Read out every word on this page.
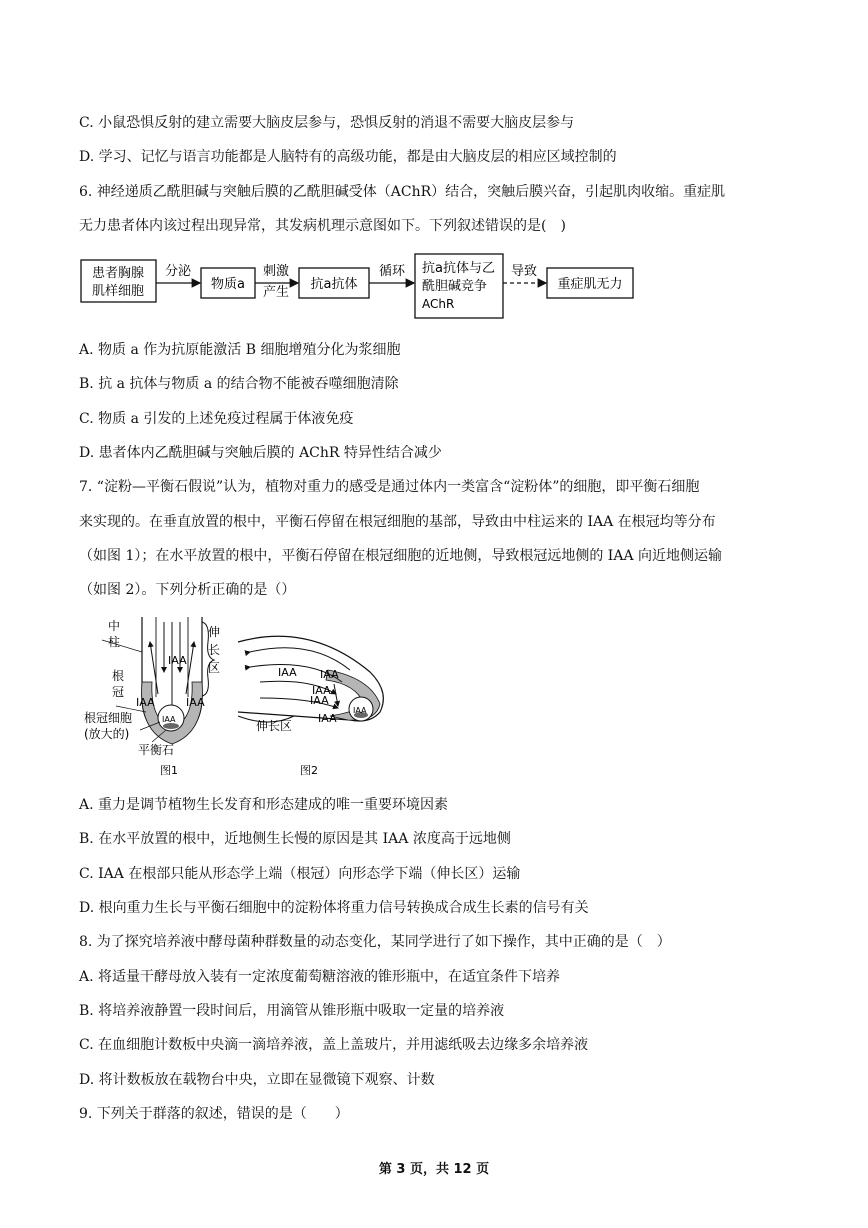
C. 小鼠恐惧反射的建立需要大脑皮层参与，恐惧反射的消退不需要大脑皮层参与
D. 学习、记忆与语言功能都是人脑特有的高级功能，都是由大脑皮层的相应区域控制的
6. 神经递质乙酰胆碱与突触后膜的乙酰胆碱受体（AChR）结合，突触后膜兴奋，引起肌肉收缩。重症肌
无力患者体内该过程出现异常，其发病机理示意图如下。下列叙述错误的是(　)
患者胸腺
肌样细胞
分泌
物质a
刺激
产生
抗a抗体
循环 抗a抗体与乙
酰胆碱竞争
AChR
导致
重症肌无力
A. 物质 a 作为抗原能激活 B 细胞增殖分化为浆细胞
B. 抗 a 抗体与物质 a 的结合物不能被吞噬细胞清除
C. 物质 a 引发的上述免疫过程属于体液免疫
D. 患者体内乙酰胆碱与突触后膜的 AChR 特异性结合减少
7. “淀粉—平衡石假说”认为，植物对重力的感受是通过体内一类富含“淀粉体”的细胞，即平衡石细胞
来实现的。在垂直放置的根中，平衡石停留在根冠细胞的基部，导致由中柱运来的 IAA 在根冠均等分布
（如图 1）；在水平放置的根中，平衡石停留在根冠细胞的近地侧，导致根冠远地侧的 IAA 向近地侧运输
（如图 2）。下列分析正确的是（）
中
柱
IAA
根
冠
IAA	IAA
IAA
伸
长
区
根冠细胞
(放大的)
平衡石
图1
IAA IAA
IAA
IAA
IAA
IAA
伸长区
图2
A. 重力是调节植物生长发育和形态建成的唯一重要环境因素
B. 在水平放置的根中，近地侧生长慢的原因是其 IAA 浓度高于远地侧
C. IAA 在根部只能从形态学上端（根冠）向形态学下端（伸长区）运输
D. 根向重力生长与平衡石细胞中的淀粉体将重力信号转换成合成生长素的信号有关
8. 为了探究培养液中酵母菌种群数量的动态变化，某同学进行了如下操作，其中正确的是（　）
A. 将适量干酵母放入装有一定浓度葡萄糖溶液的锥形瓶中，在适宜条件下培养
B. 将培养液静置一段时间后，用滴管从锥形瓶中吸取一定量的培养液
C. 在血细胞计数板中央滴一滴培养液，盖上盖玻片，并用滤纸吸去边缘多余培养液
D. 将计数板放在载物台中央，立即在显微镜下观察、计数
9. 下列关于群落的叙述，错误的是（　　）
第 3 页，共 12 页
